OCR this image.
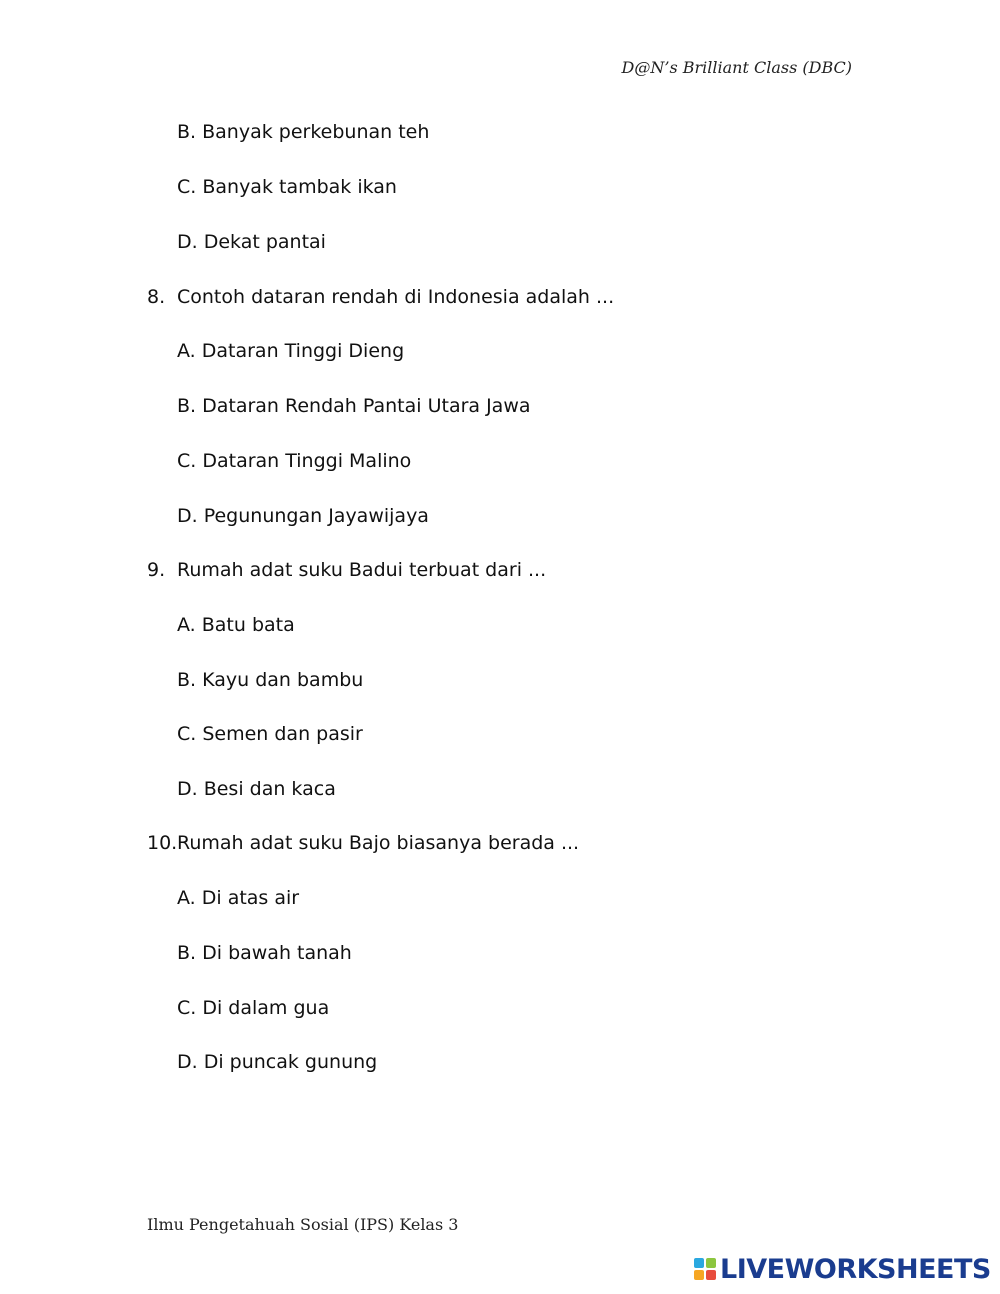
D@N’s Brilliant Class (DBC)
B. Banyak perkebunan teh
C. Banyak tambak ikan
D. Dekat pantai
8. Contoh dataran rendah di Indonesia adalah ...
A. Dataran Tinggi Dieng
B. Dataran Rendah Pantai Utara Jawa
C. Dataran Tinggi Malino
D. Pegunungan Jayawijaya
9. Rumah adat suku Badui terbuat dari ...
A. Batu bata
B. Kayu dan bambu
C. Semen dan pasir
D. Besi dan kaca
10.Rumah adat suku Bajo biasanya berada ...
A. Di atas air
B. Di bawah tanah
C. Di dalam gua
D. Di puncak gunung
Ilmu Pengetahuah Sosial (IPS) Kelas 3
LIVEWORKSHEETS
